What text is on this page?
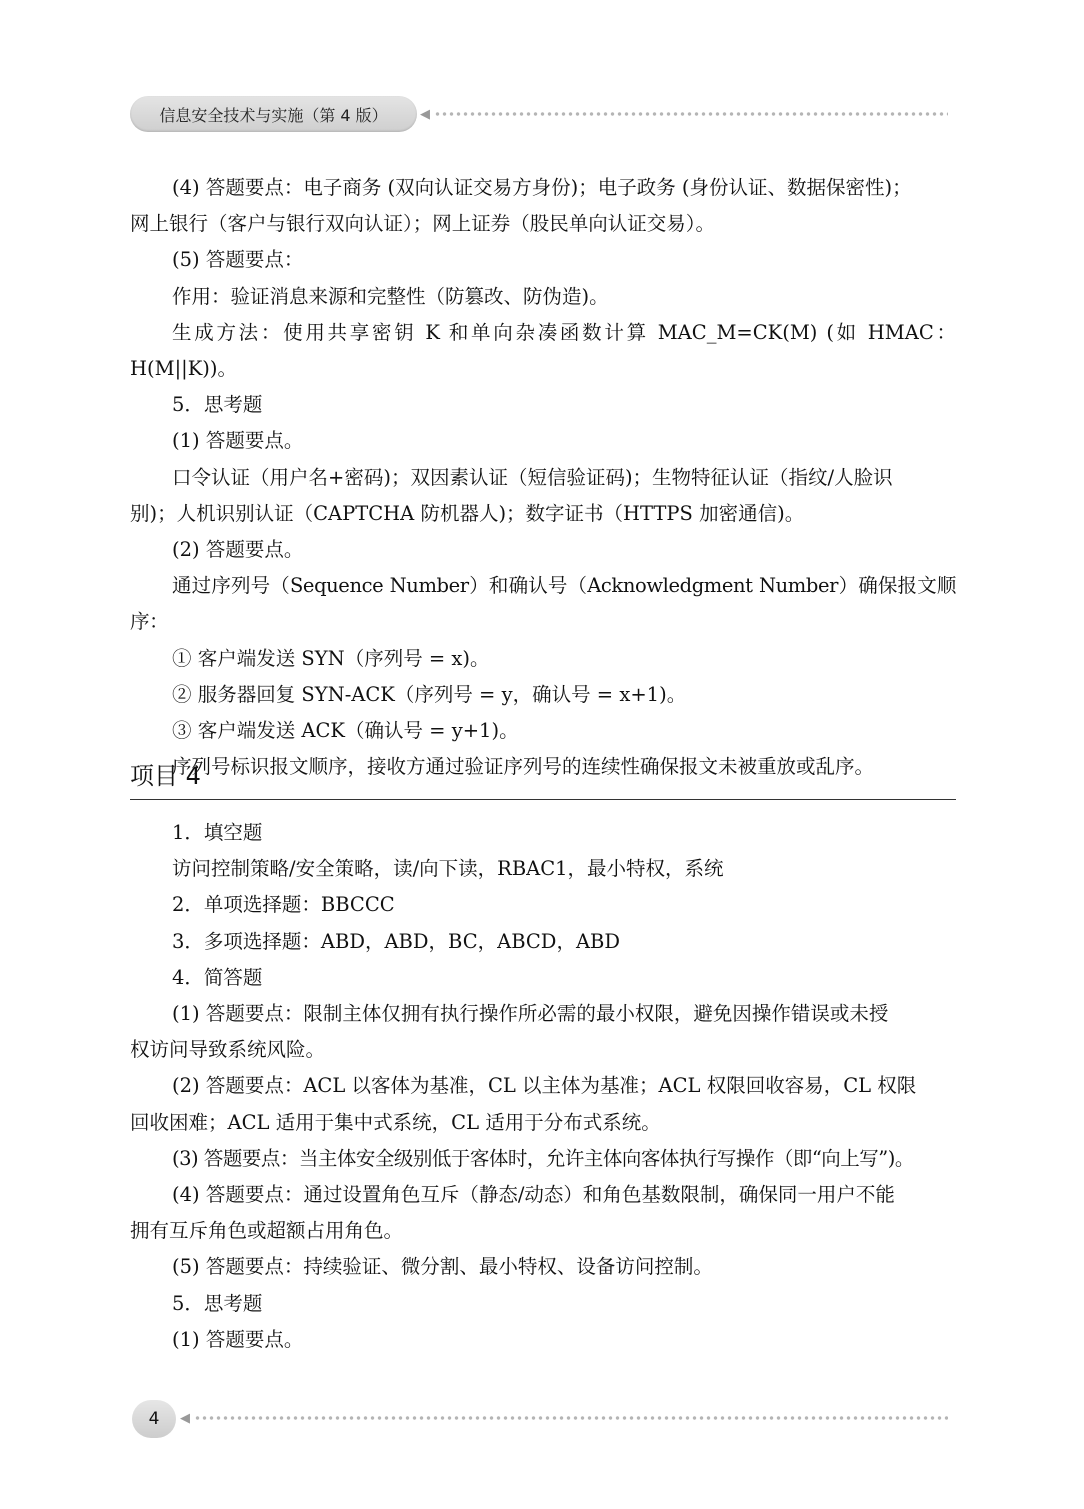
信息安全技术与实施（第 4 版） ◀

(4) 答题要点：电子商务 (双向认证交易方身份)；电子政务 (身份认证、数据保密性)；

网上银行（客户与银行双向认证）；网上证券（股民单向认证交易）。

(5) 答题要点：

作用：验证消息来源和完整性（防篡改、防伪造)。

生成方法：使用共享密钥 K 和单向杂凑函数计算 MAC_M=CK(M) (如 HMAC：H(M||K))。

5．思考题

(1) 答题要点。

口令认证（用户名+密码)；双因素认证（短信验证码)；生物特征认证（指纹/人脸识

别)；人机识别认证（CAPTCHA 防机器人)；数字证书（HTTPS 加密通信)。

(2) 答题要点。

通过序列号（Sequence Number）和确认号（Acknowledgment Number）确保报文顺序：

① 客户端发送 SYN（序列号 = x)。

② 服务器回复 SYN-ACK（序列号 = y，确认号 = x+1)。

③ 客户端发送 ACK（确认号 = y+1)。

序列号标识报文顺序，接收方通过验证序列号的连续性确保报文未被重放或乱序。

项目 4

1．填空题

访问控制策略/安全策略，读/向下读，RBAC1，最小特权，系统

2．单项选择题：BBCCC

3．多项选择题：ABD，ABD，BC，ABCD，ABD

4．简答题

(1) 答题要点：限制主体仅拥有执行操作所必需的最小权限，避免因操作错误或未授

权访问导致系统风险。

(2) 答题要点：ACL 以客体为基准，CL 以主体为基准；ACL 权限回收容易，CL 权限

回收困难；ACL 适用于集中式系统，CL 适用于分布式系统。

(3) 答题要点：当主体安全级别低于客体时，允许主体向客体执行写操作（即“向上写”)。

(4) 答题要点：通过设置角色互斥（静态/动态）和角色基数限制，确保同一用户不能

拥有互斥角色或超额占用角色。

(5) 答题要点：持续验证、微分割、最小特权、设备访问控制。

5．思考题

(1) 答题要点。

4 ◀
